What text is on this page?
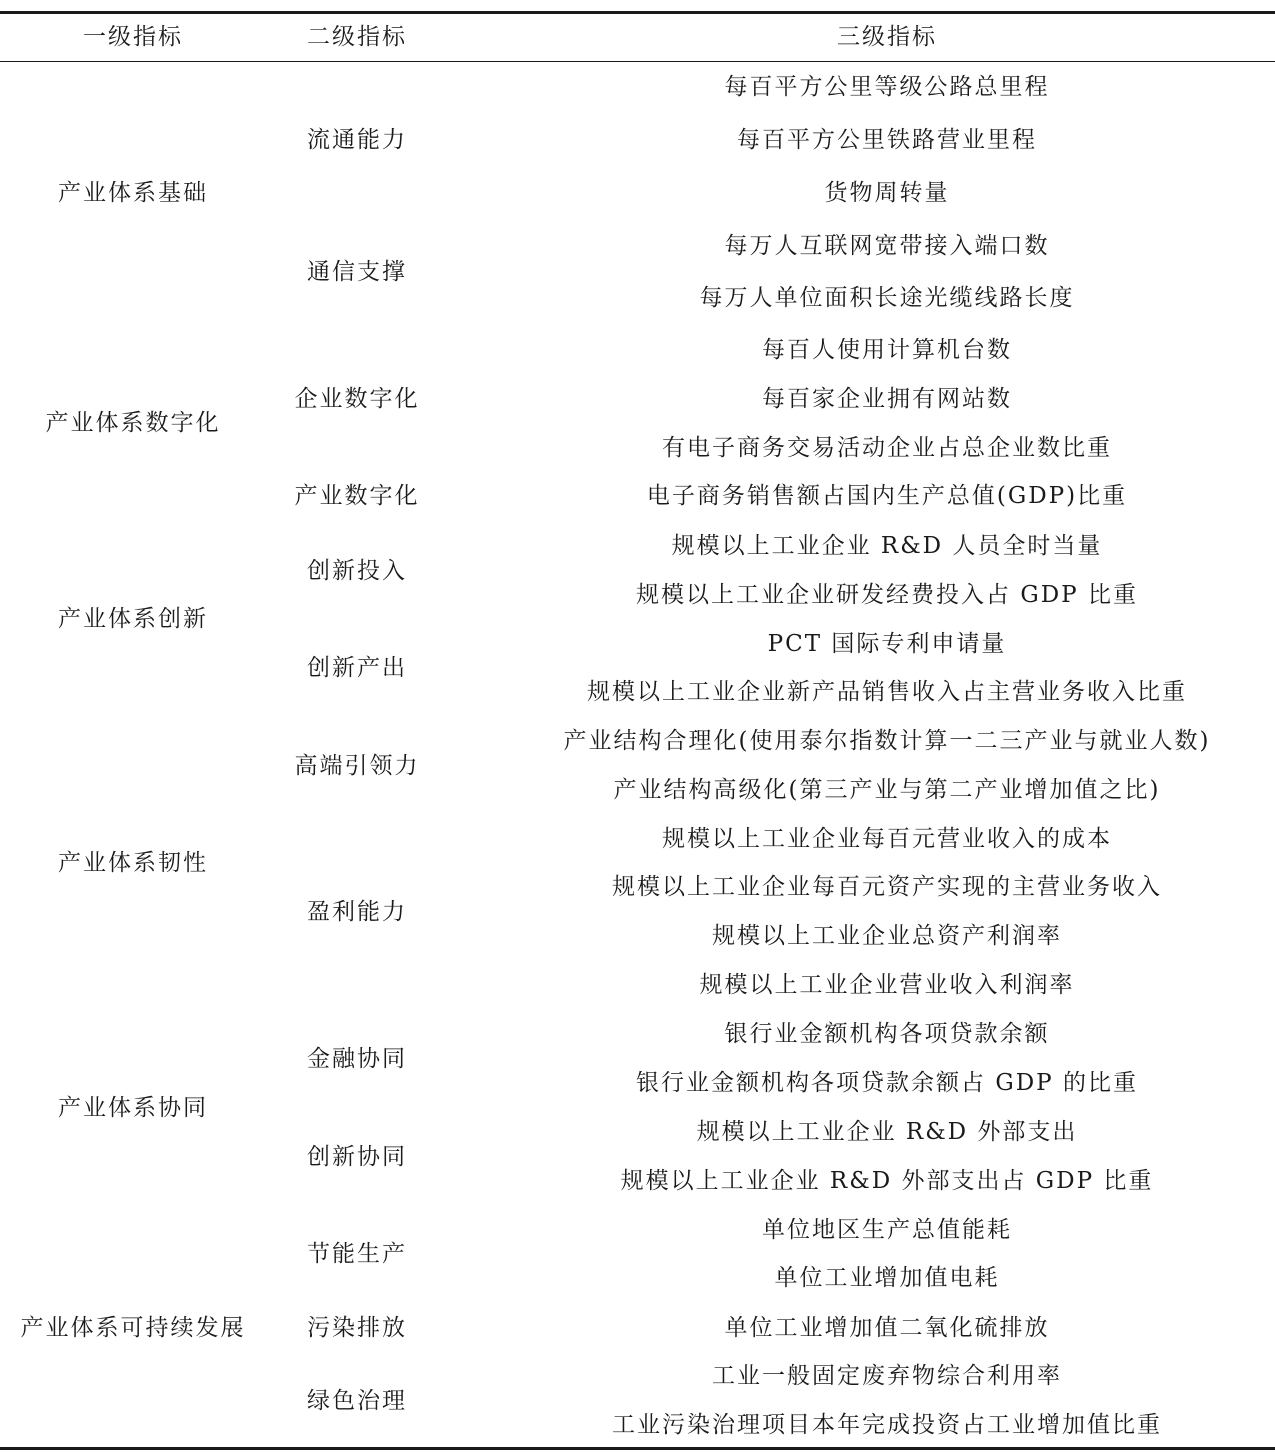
一级指标	二级指标	三级指标
每百平方公里等级公路总里程
每百平方公里铁路营业里程
货物周转量
流通能力
每万人互联网宽带接入端口数
每万人单位面积长途光缆线路长度
通信支撑
产业体系基础
每百人使用计算机台数
每百家企业拥有网站数
有电子商务交易活动企业占总企业数比重
企业数字化
电子商务销售额占国内生产总值(GDP)比重
产业数字化
产业体系数字化
规模以上工业企业 R&D 人员全时当量
规模以上工业企业研发经费投入占 GDP 比重
创新投入
PCT 国际专利申请量
规模以上工业企业新产品销售收入占主营业务收入比重
创新产出
产业体系创新
产业结构合理化(使用泰尔指数计算一二三产业与就业人数)
产业结构高级化(第三产业与第二产业增加值之比)
高端引领力
规模以上工业企业每百元营业收入的成本
规模以上工业企业每百元资产实现的主营业务收入
规模以上工业企业总资产利润率
规模以上工业企业营业收入利润率
盈利能力
产业体系韧性
银行业金额机构各项贷款余额
银行业金额机构各项贷款余额占 GDP 的比重
金融协同
规模以上工业企业 R&D 外部支出
规模以上工业企业 R&D 外部支出占 GDP 比重
创新协同
产业体系协同
单位地区生产总值能耗
单位工业增加值电耗
节能生产
单位工业增加值二氧化硫排放
污染排放
工业一般固定废弃物综合利用率
工业污染治理项目本年完成投资占工业增加值比重
绿色治理
产业体系可持续发展
